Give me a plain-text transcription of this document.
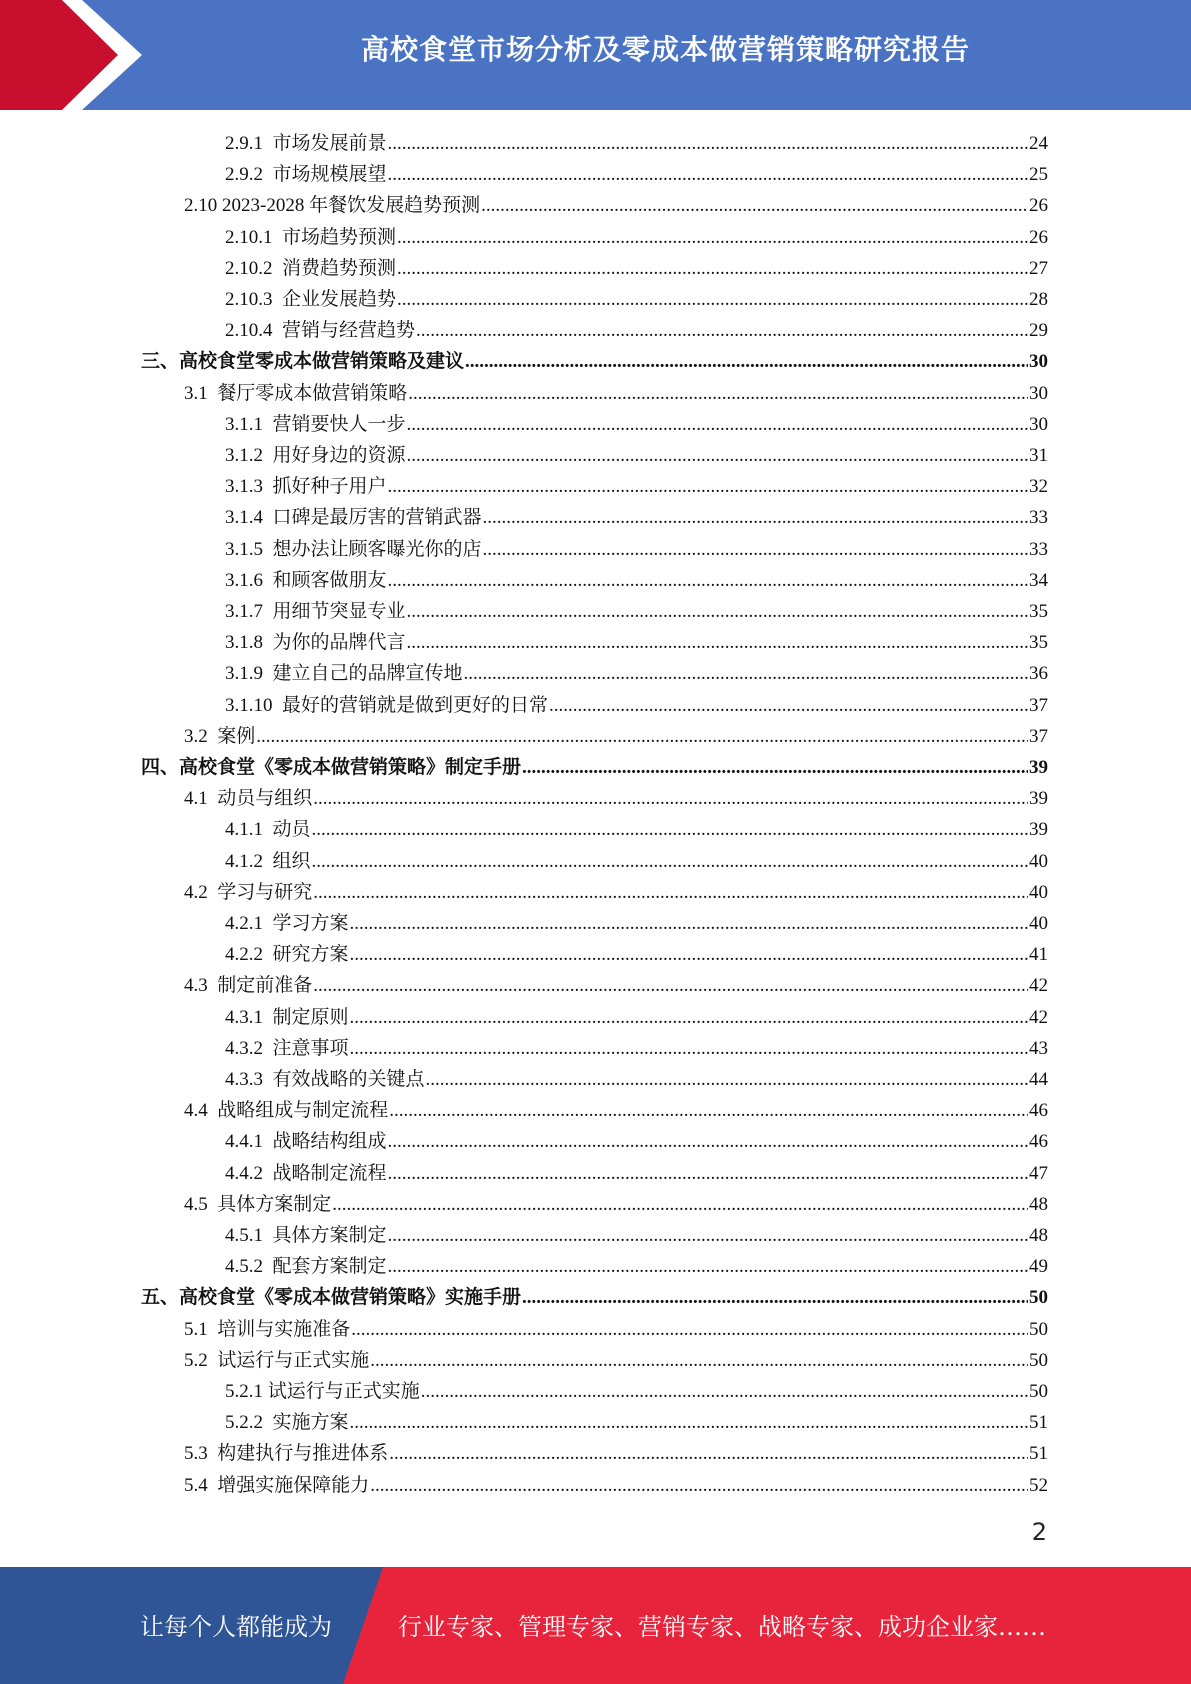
高校食堂市场分析及零成本做营销策略研究报告
2.9.1  市场发展前景 .....	24
2.9.2  市场规模展望 .....	25
2.10 2023-2028 年餐饮发展趋势预测 .....	26
2.10.1  市场趋势预测 .....	26
2.10.2  消费趋势预测 .....	27
2.10.3  企业发展趋势 .....	28
2.10.4  营销与经营趋势 .....	29
三、高校食堂零成本做营销策略及建议 .....	30
3.1  餐厅零成本做营销策略 .....	30
3.1.1  营销要快人一步 .....	30
3.1.2  用好身边的资源 .....	31
3.1.3  抓好种子用户 .....	32
3.1.4  口碑是最厉害的营销武器 .....	33
3.1.5  想办法让顾客曝光你的店 .....	33
3.1.6  和顾客做朋友 .....	34
3.1.7  用细节突显专业 .....	35
3.1.8  为你的品牌代言 .....	35
3.1.9  建立自己的品牌宣传地 .....	36
3.1.10  最好的营销就是做到更好的日常 .....	37
3.2  案例 .....	37
四、高校食堂《零成本做营销策略》制定手册 .....	39
4.1  动员与组织 .....	39
4.1.1  动员 .....	39
4.1.2  组织 .....	40
4.2  学习与研究 .....	40
4.2.1  学习方案 .....	40
4.2.2  研究方案 .....	41
4.3  制定前准备 .....	42
4.3.1  制定原则 .....	42
4.3.2  注意事项 .....	43
4.3.3  有效战略的关键点 .....	44
4.4  战略组成与制定流程 .....	46
4.4.1  战略结构组成 .....	46
4.4.2  战略制定流程 .....	47
4.5  具体方案制定 .....	48
4.5.1  具体方案制定 .....	48
4.5.2  配套方案制定 .....	49
五、高校食堂《零成本做营销策略》实施手册 .....	50
5.1  培训与实施准备 .....	50
5.2  试运行与正式实施 .....	50
5.2.1 试运行与正式实施 .....	50
5.2.2  实施方案 .....	51
5.3  构建执行与推进体系 .....	51
5.4  增强实施保障能力 .....	52
2
让每个人都能成为	行业专家、管理专家、营销专家、战略专家、成功企业家……
